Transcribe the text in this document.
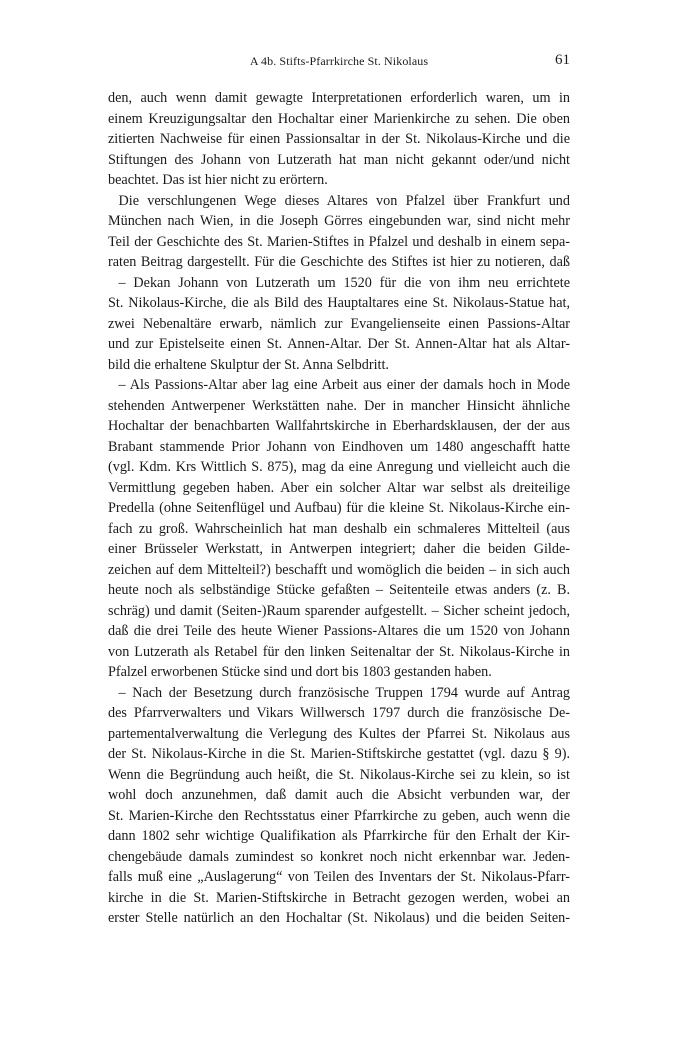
A 4b. Stifts-Pfarrkirche St. Nikolaus	61
den, auch wenn damit gewagte Interpretationen erforderlich waren, um in
einem Kreuzigungsaltar den Hochaltar einer Marienkirche zu sehen. Die oben
zitierten Nachweise für einen Passionsaltar in der St. Nikolaus-Kirche und die
Stiftungen des Johann von Lutzerath hat man nicht gekannt oder/und nicht
beachtet. Das ist hier nicht zu erörtern.
Die verschlungenen Wege dieses Altares von Pfalzel über Frankfurt und
München nach Wien, in die Joseph Görres eingebunden war, sind nicht mehr
Teil der Geschichte des St. Marien-Stiftes in Pfalzel und deshalb in einem sepa-
raten Beitrag dargestellt. Für die Geschichte des Stiftes ist hier zu notieren, daß
– Dekan Johann von Lutzerath um 1520 für die von ihm neu errichtete
St. Nikolaus-Kirche, die als Bild des Hauptaltares eine St. Nikolaus-Statue hat,
zwei Nebenaltäre erwarb, nämlich zur Evangelienseite einen Passions-Altar
und zur Epistelseite einen St. Annen-Altar. Der St. Annen-Altar hat als Altar-
bild die erhaltene Skulptur der St. Anna Selbdritt.
– Als Passions-Altar aber lag eine Arbeit aus einer der damals hoch in Mode
stehenden Antwerpener Werkstätten nahe. Der in mancher Hinsicht ähnliche
Hochaltar der benachbarten Wallfahrtskirche in Eberhardsklausen, der der aus
Brabant stammende Prior Johann von Eindhoven um 1480 angeschafft hatte
(vgl. Kdm. Krs Wittlich S. 875), mag da eine Anregung und vielleicht auch die
Vermittlung gegeben haben. Aber ein solcher Altar war selbst als dreiteilige
Predella (ohne Seitenflügel und Aufbau) für die kleine St. Nikolaus-Kirche ein-
fach zu groß. Wahrscheinlich hat man deshalb ein schmaleres Mittelteil (aus
einer Brüsseler Werkstatt, in Antwerpen integriert; daher die beiden Gilde-
zeichen auf dem Mittelteil?) beschafft und womöglich die beiden – in sich auch
heute noch als selbständige Stücke gefaßten – Seitenteile etwas anders (z. B.
schräg) und damit (Seiten-)Raum sparender aufgestellt. – Sicher scheint jedoch,
daß die drei Teile des heute Wiener Passions-Altares die um 1520 von Johann
von Lutzerath als Retabel für den linken Seitenaltar der St. Nikolaus-Kirche in
Pfalzel erworbenen Stücke sind und dort bis 1803 gestanden haben.
– Nach der Besetzung durch französische Truppen 1794 wurde auf Antrag
des Pfarrverwalters und Vikars Willwersch 1797 durch die französische De-
partementalverwaltung die Verlegung des Kultes der Pfarrei St. Nikolaus aus
der St. Nikolaus-Kirche in die St. Marien-Stiftskirche gestattet (vgl. dazu § 9).
Wenn die Begründung auch heißt, die St. Nikolaus-Kirche sei zu klein, so ist
wohl doch anzunehmen, daß damit auch die Absicht verbunden war, der
St. Marien-Kirche den Rechtsstatus einer Pfarrkirche zu geben, auch wenn die
dann 1802 sehr wichtige Qualifikation als Pfarrkirche für den Erhalt der Kir-
chengebäude damals zumindest so konkret noch nicht erkennbar war. Jeden-
falls muß eine „Auslagerung“ von Teilen des Inventars der St. Nikolaus-Pfarr-
kirche in die St. Marien-Stiftskirche in Betracht gezogen werden, wobei an
erster Stelle natürlich an den Hochaltar (St. Nikolaus) und die beiden Seiten-
